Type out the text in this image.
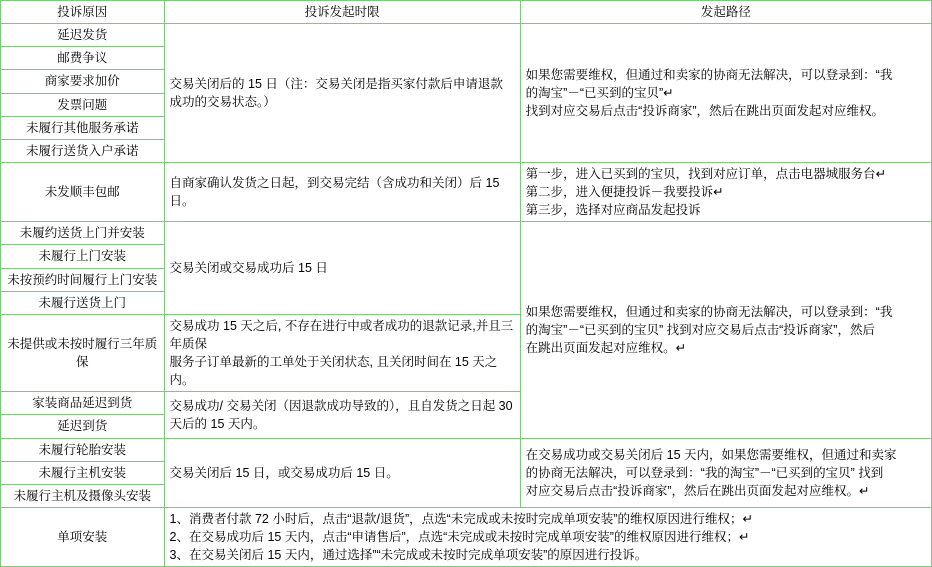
投诉原因	投诉发起时限	发起路径
延迟发货	交易关闭后的 15 日（注：交易关闭是指买家付款后申请退款成功的交易状态。）	如果您需要维权，但通过和卖家的协商无法解决，可以登录到：“我
的淘宝”－“已买到的宝贝”↵
找到对应交易后点击“投诉商家”，然后在跳出页面发起对应维权。

邮费争议		
商家要求加价		
发票问题		
未履行其他服务承诺		
未履行送货入户承诺		
未发顺丰包邮	自商家确认发货之日起，到交易完结（含成功和关闭）后 15 日。	第一步，进入已买到的宝贝，找到对应订单，点击电器城服务台↵
第二步，进入便捷投诉－我要投诉↵
第三步，选择对应商品发起投诉

未履约送货上门并安装	交易关闭或交易成功后 15 日	如果您需要维权，但通过和卖家的协商无法解决，可以登录到：“我
的淘宝”－“已买到的宝贝” 找到对应交易后点击“投诉商家”，然后
在跳出页面发起对应维权。↵

未履行上门安装		
未按预约时间履行上门安装		
未履行送货上门		
未提供或未按时履行三年质保	交易成功 15 天之后, 不存在进行中或者成功的退款记录,并且三年质保
服务子订单最新的工单处于关闭状态, 且关闭时间在 15 天之内。	

家装商品延迟到货	交易成功/ 交易关闭（因退款成功导致的），且自发货之日起 30 天后的 15 天内。	
延迟到货		
未履行轮胎安装	交易关闭后 15 日，或交易成功后 15 日。	在交易成功或交易关闭后 15 天内，如果您需要维权，但通过和卖家
的协商无法解决，可以登录到：“我的淘宝”－“已买到的宝贝” 找到
对应交易后点击“投诉商家”，然后在跳出页面发起对应维权。↵

未履行主机安装		
未履行主机及摄像头安装		
单项安装	1、消费者付款 72 小时后，点击“退款/退货”，点选“未完成或未按时完成单项安装”的维权原因进行维权；↵
2、在交易成功后 15 天内，点击“申请售后”，点选“未完成或未按时完成单项安装”的维权原因进行维权；↵
3、在交易关闭后 15 天内，通过选择”“未完成或未按时完成单项安装”的原因进行投诉。	
